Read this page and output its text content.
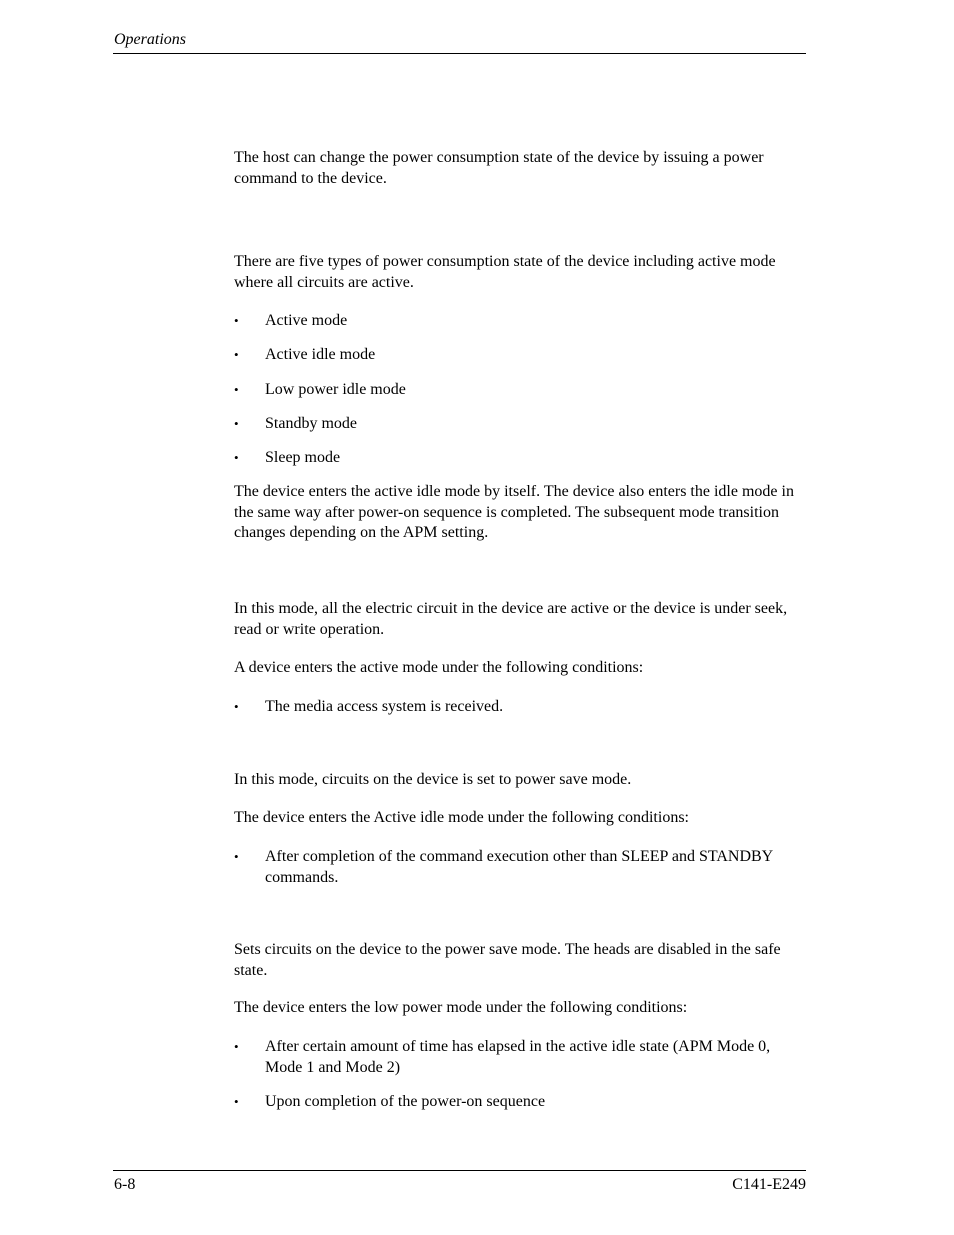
Operations

The host can change the power consumption state of the device by issuing a power command to the device.

There are five types of power consumption state of the device including active mode where all circuits are active.

• Active mode
• Active idle mode
• Low power idle mode
• Standby mode
• Sleep mode

The device enters the active idle mode by itself. The device also enters the idle mode in the same way after power-on sequence is completed. The subsequent mode transition changes depending on the APM setting.

In this mode, all the electric circuit in the device are active or the device is under seek, read or write operation.

A device enters the active mode under the following conditions:

• The media access system is received.

In this mode, circuits on the device is set to power save mode.

The device enters the Active idle mode under the following conditions:

• After completion of the command execution other than SLEEP and STANDBY commands.

Sets circuits on the device to the power save mode. The heads are disabled in the safe state.

The device enters the low power mode under the following conditions:

• After certain amount of time has elapsed in the active idle state (APM Mode 0, Mode 1 and Mode 2)
• Upon completion of the power-on sequence
6-8	C141-E249
